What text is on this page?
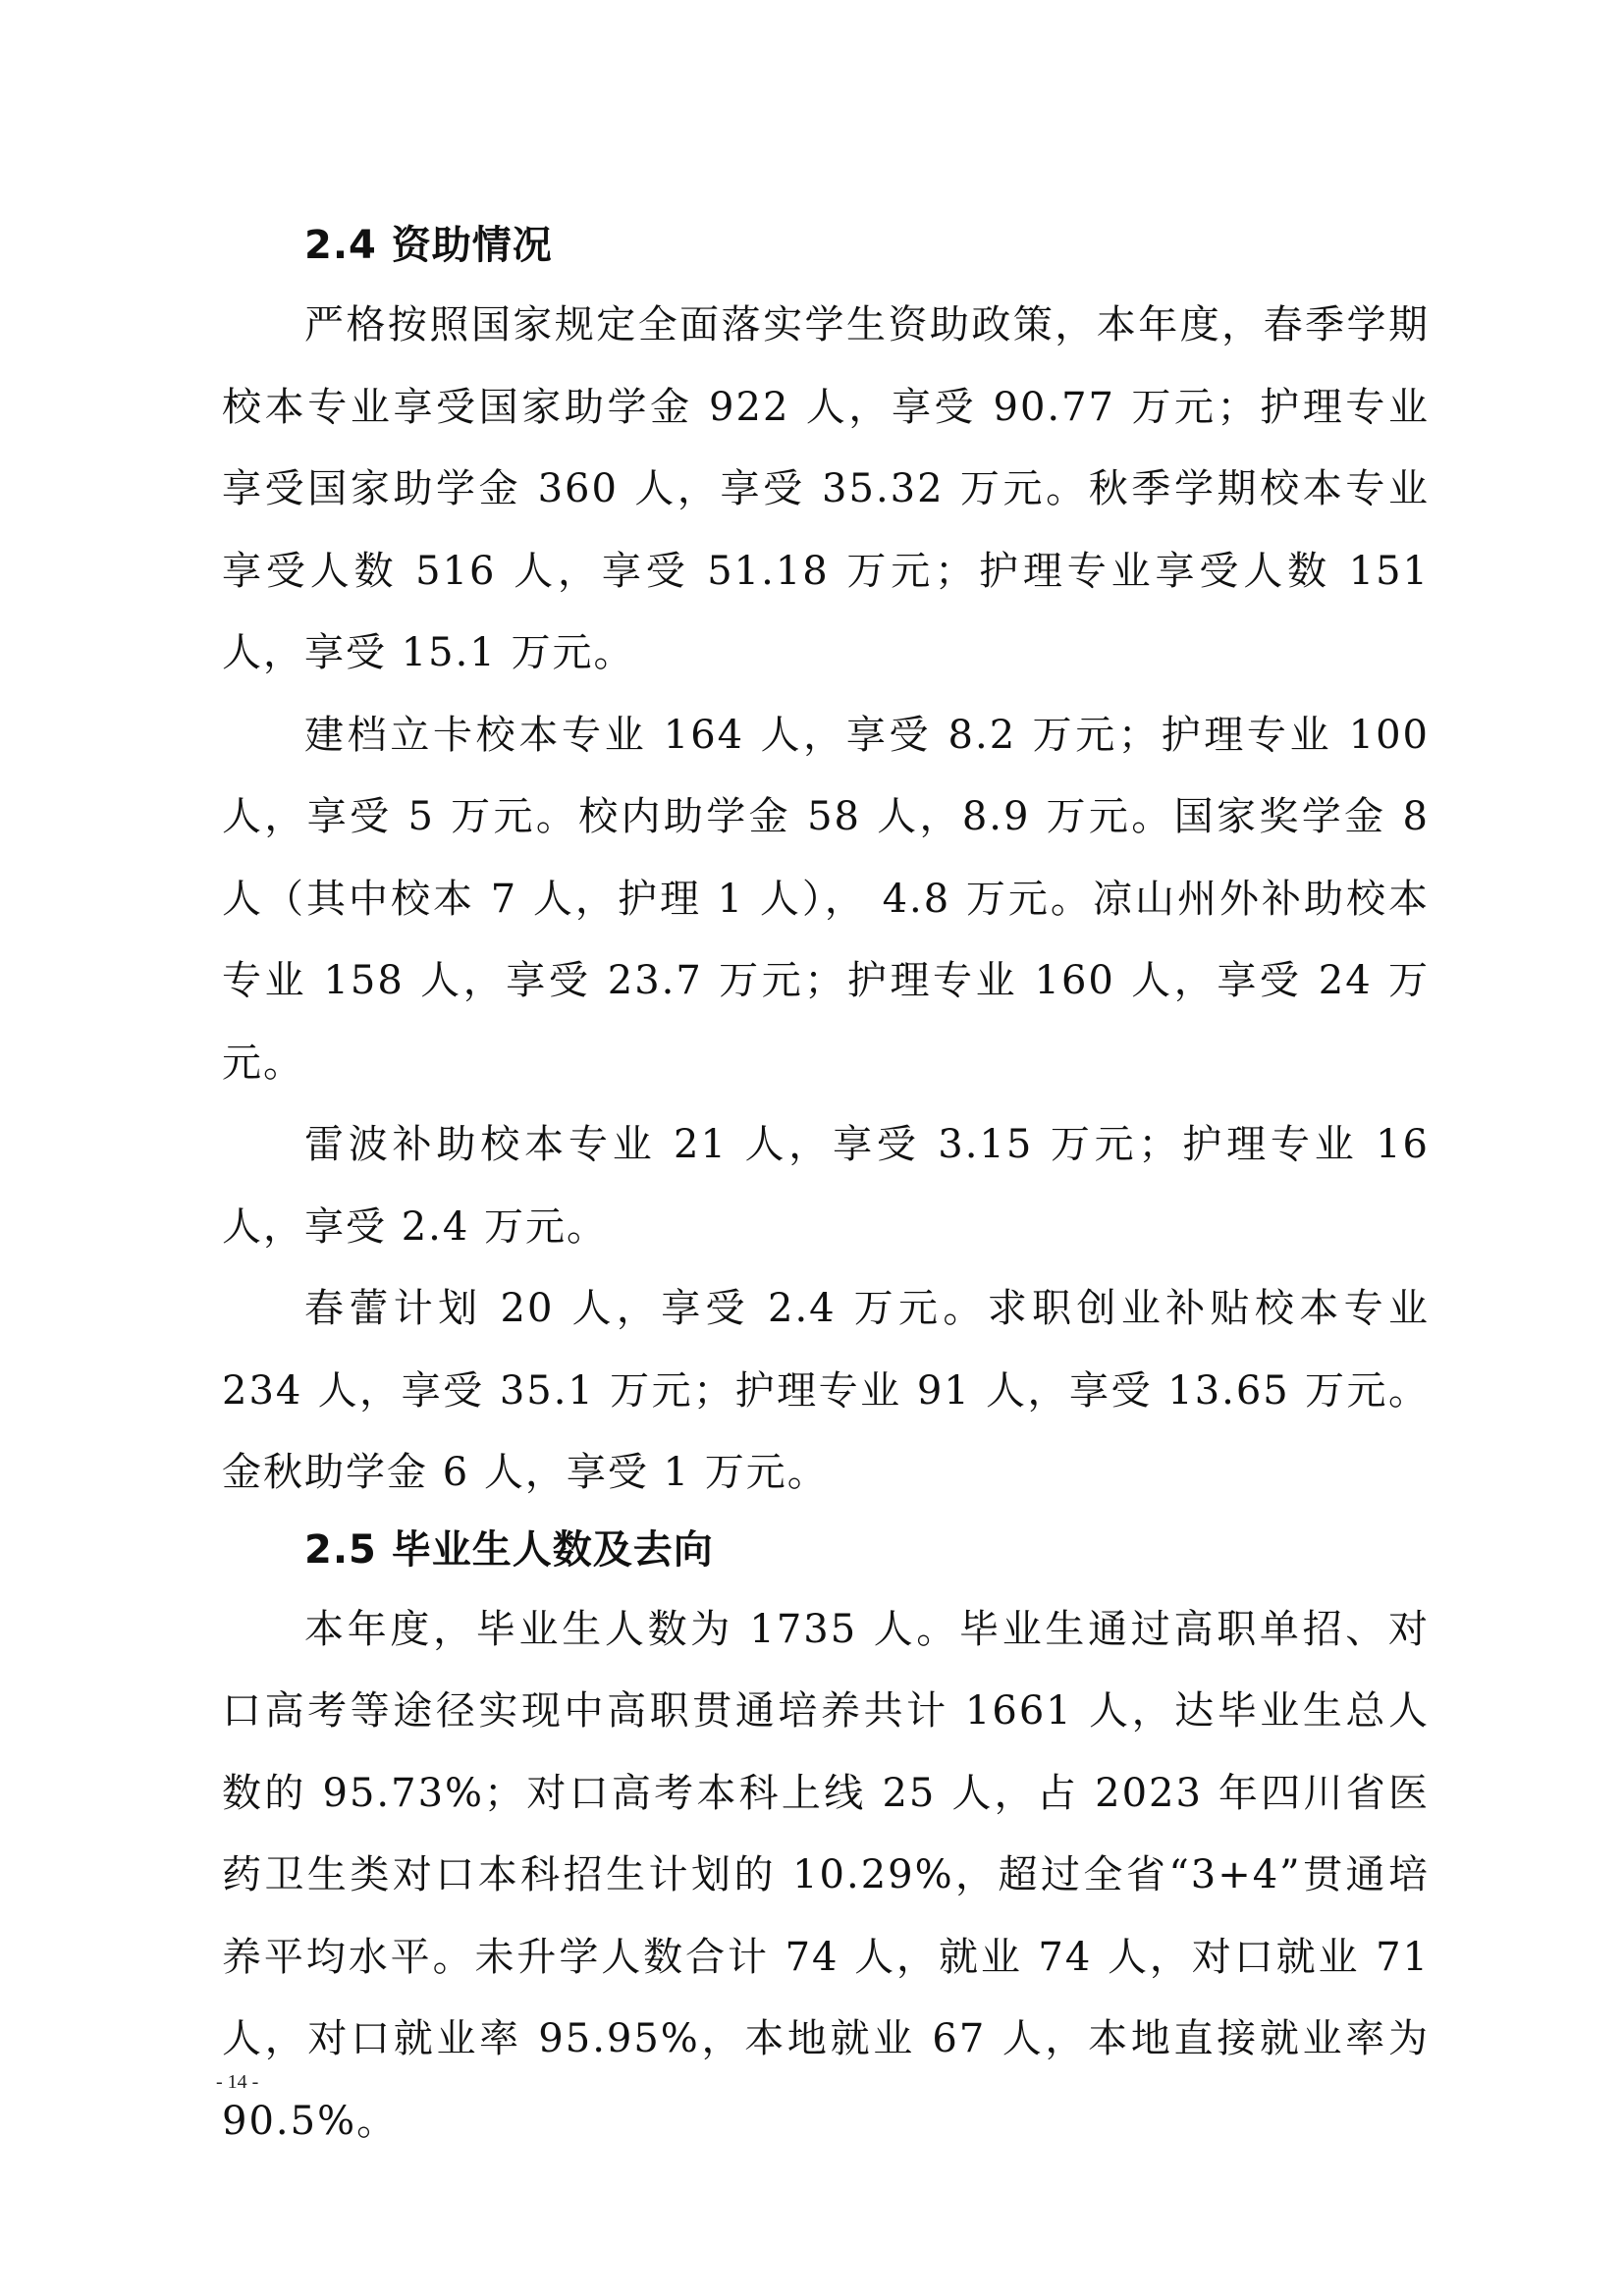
2.4 资助情况

严格按照国家规定全面落实学生资助政策，本年度，春季学期校本专业享受国家助学金 922 人，享受 90.77 万元；护理专业享受国家助学金 360 人，享受 35.32 万元。秋季学期校本专业享受人数 516 人，享受 51.18 万元；护理专业享受人数 151 人，享受 15.1 万元。

建档立卡校本专业 164 人，享受 8.2 万元；护理专业 100 人，享受 5 万元。校内助学金 58 人，8.9 万元。国家奖学金 8 人（其中校本 7 人，护理 1 人）， 4.8 万元。凉山州外补助校本专业 158 人，享受 23.7 万元；护理专业 160 人，享受 24 万元。

雷波补助校本专业 21 人，享受 3.15 万元；护理专业 16 人，享受 2.4 万元。

春蕾计划 20 人，享受 2.4 万元。求职创业补贴校本专业 234 人，享受 35.1 万元；护理专业 91 人，享受 13.65 万元。金秋助学金 6 人，享受 1 万元。

2.5 毕业生人数及去向

本年度，毕业生人数为 1735 人。毕业生通过高职单招、对口高考等途径实现中高职贯通培养共计 1661 人，达毕业生总人数的 95.73%；对口高考本科上线 25 人，占 2023 年四川省医药卫生类对口本科招生计划的 10.29%，超过全省“3+4”贯通培养平均水平。未升学人数合计 74 人，就业 74 人，对口就业 71 人，对口就业率 95.95%，本地就业 67 人，本地直接就业率为 90.5%。

- 14 -
